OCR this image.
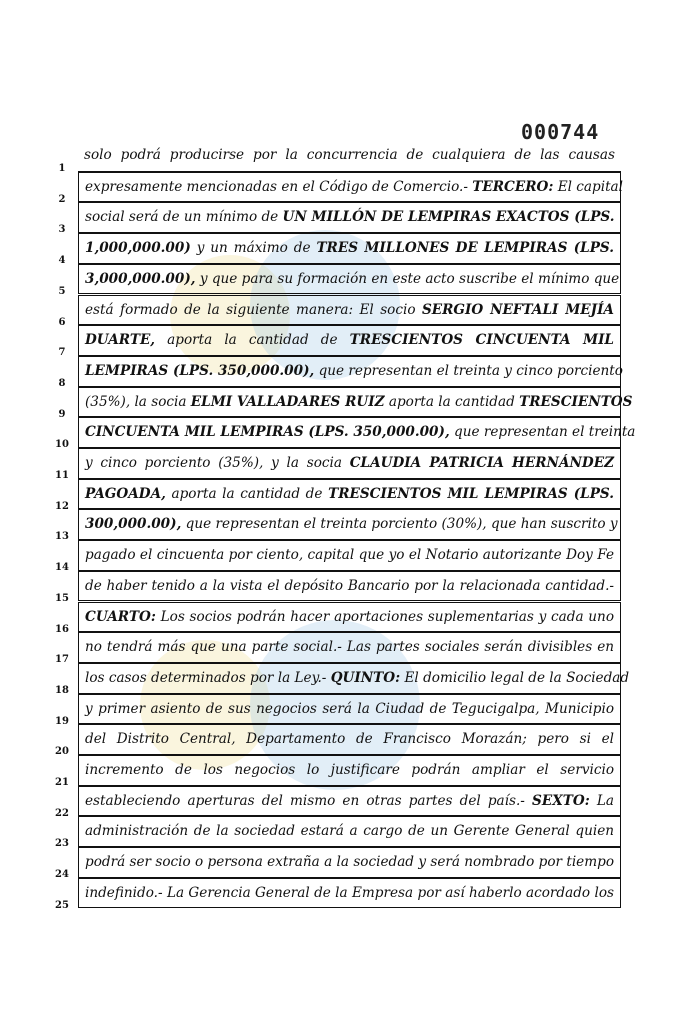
000744
solo podrá producirse por la concurrencia de cualquiera de las causas
expresamente mencionadas en el Código de Comercio.- TERCERO: El capital
social será de un mínimo de UN MILLÓN DE LEMPIRAS EXACTOS (LPS.
1,000,000.00) y un máximo de TRES MILLONES DE LEMPIRAS (LPS.
3,000,000.00), y que para su formación en este acto suscribe el mínimo que
está formado de la siguiente manera: El socio SERGIO NEFTALI MEJÍA
DUARTE, aporta la cantidad de TRESCIENTOS CINCUENTA MIL
LEMPIRAS (LPS. 350,000.00), que representan el treinta y cinco porciento
(35%), la socia ELMI VALLADARES RUIZ aporta la cantidad TRESCIENTOS
CINCUENTA MIL LEMPIRAS (LPS. 350,000.00), que representan el treinta
y cinco porciento (35%), y la socia CLAUDIA PATRICIA HERNÁNDEZ
PAGOADA, aporta la cantidad de TRESCIENTOS MIL LEMPIRAS (LPS.
300,000.00), que representan el treinta porciento (30%), que han suscrito y
pagado el cincuenta por ciento, capital que yo el Notario autorizante Doy Fe
de haber tenido a la vista el depósito Bancario por la relacionada cantidad.-
CUARTO: Los socios podrán hacer aportaciones suplementarias y cada uno
no tendrá más que una parte social.- Las partes sociales serán divisibles en
los casos determinados por la Ley.- QUINTO: El domicilio legal de la Sociedad
y primer asiento de sus negocios será la Ciudad de Tegucigalpa, Municipio
del Distrito Central, Departamento de Francisco Morazán; pero si el
incremento de los negocios lo justificare podrán ampliar el servicio
estableciendo aperturas del mismo en otras partes del país.- SEXTO: La
administración de la sociedad estará a cargo de un Gerente General quien
podrá ser socio o persona extraña a la sociedad y será nombrado por tiempo
indefinido.- La Gerencia General de la Empresa por así haberlo acordado los
1
2
3
4
5
6
7
8
9
10
11
12
13
14
15
16
17
18
19
20
21
22
23
24
25
